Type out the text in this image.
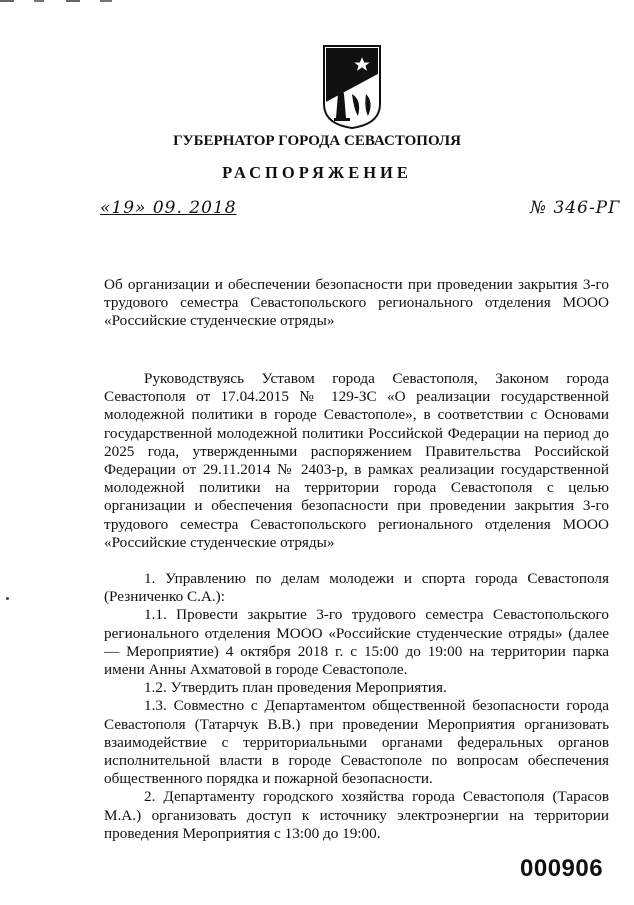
ГУБЕРНАТОР ГОРОДА СЕВАСТОПОЛЯ
РАСПОРЯЖЕНИЕ
«19» 09. 2018	№ 346-РГ
Об организации и обеспечении безопасности при проведении закрытия 3-го трудового семестра Севастопольского регионального отделения МООО «Российские студенческие отряды»

Руководствуясь Уставом города Севастополя, Законом города Севастополя от 17.04.2015 № 129-ЗС «О реализации государственной молодежной политики в городе Севастополе», в соответствии с Основами государственной молодежной политики Российской Федерации на период до 2025 года, утвержденными распоряжением Правительства Российской Федерации от 29.11.2014 № 2403-р, в рамках реализации государственной молодежной политики на территории города Севастополя с целью организации и обеспечения безопасности при проведении закрытия 3-го трудового семестра Севастопольского регионального отделения МООО «Российские студенческие отряды»

1. Управлению по делам молодежи и спорта города Севастополя (Резниченко С.А.):

1.1. Провести закрытие 3-го трудового семестра Севастопольского регионального отделения МООО «Российские студенческие отряды» (далее — Мероприятие) 4 октября 2018 г. с 15:00 до 19:00 на территории парка имени Анны Ахматовой в городе Севастополе.

1.2. Утвердить план проведения Мероприятия.

1.3. Совместно с Департаментом общественной безопасности города Севастополя (Татарчук В.В.) при проведении Мероприятия организовать взаимодействие с территориальными органами федеральных органов исполнительной власти в городе Севастополе по вопросам обеспечения общественного порядка и пожарной безопасности.

2. Департаменту городского хозяйства города Севастополя (Тарасов М.А.) организовать доступ к источнику электроэнергии на территории проведения Мероприятия с 13:00 до 19:00.

000906
